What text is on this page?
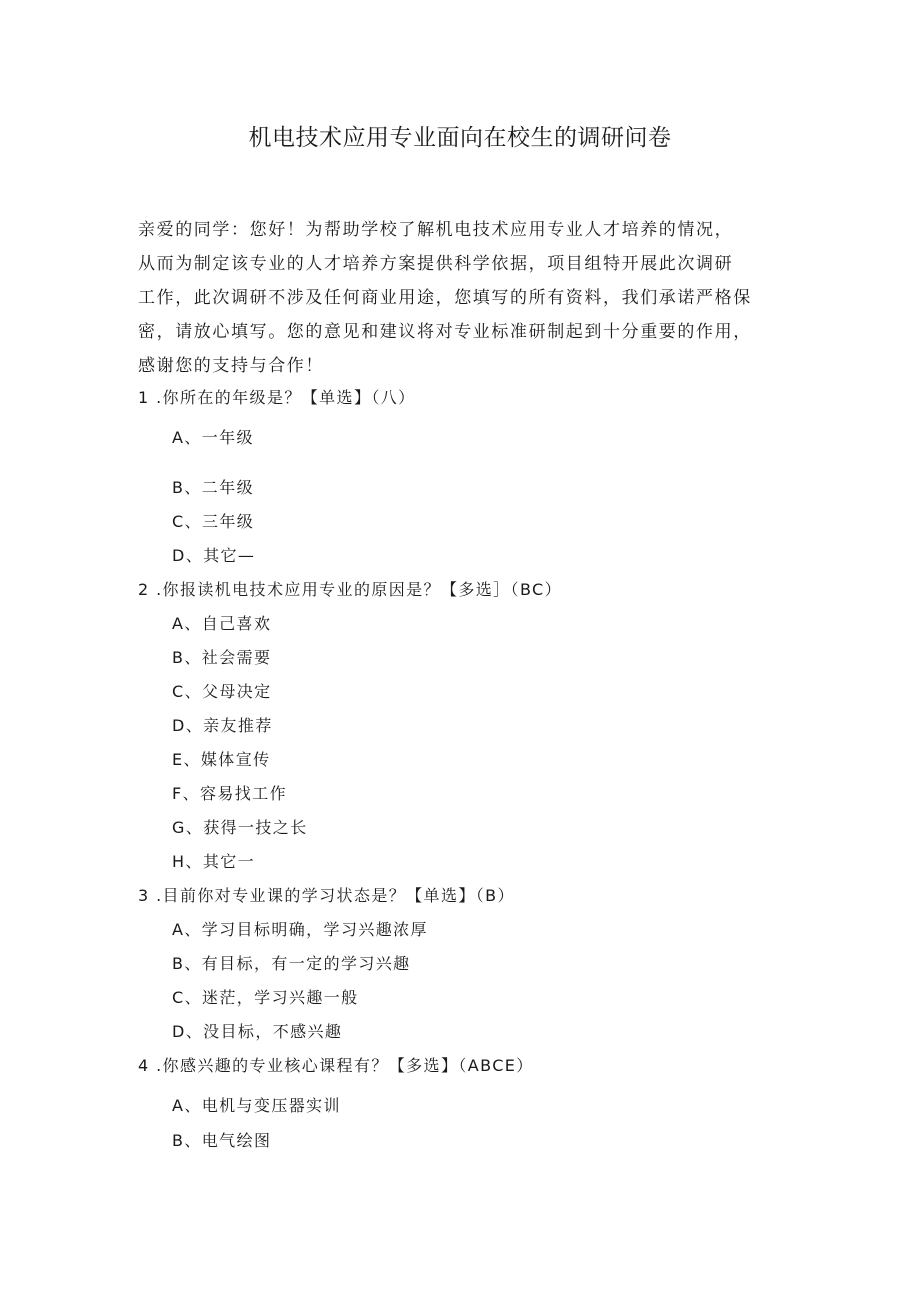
机电技术应用专业面向在校生的调研问卷

亲爱的同学：您好！为帮助学校了解机电技术应用专业人才培养的情况，
从而为制定该专业的人才培养方案提供科学依据，项目组特开展此次调研
工作，此次调研不涉及任何商业用途，您填写的所有资料，我们承诺严格保
密，请放心填写。您的意见和建议将对专业标准研制起到十分重要的作用，
感谢您的支持与合作！

1 .你所在的年级是？【单选】（八）
A、一年级
B、二年级
C、三年级
D、其它—
2 .你报读机电技术应用专业的原因是？【多选］（BC）
A、自己喜欢
B、社会需要
C、父母决定
D、亲友推荐
E、媒体宣传
F、容易找工作
G、获得一技之长
H、其它一
3 .目前你对专业课的学习状态是？【单选】（B）
A、学习目标明确，学习兴趣浓厚
B、有目标，有一定的学习兴趣
C、迷茫，学习兴趣一般
D、没目标，不感兴趣
4 .你感兴趣的专业核心课程有？【多选】（ABCE）
A、电机与变压器实训
B、电气绘图
